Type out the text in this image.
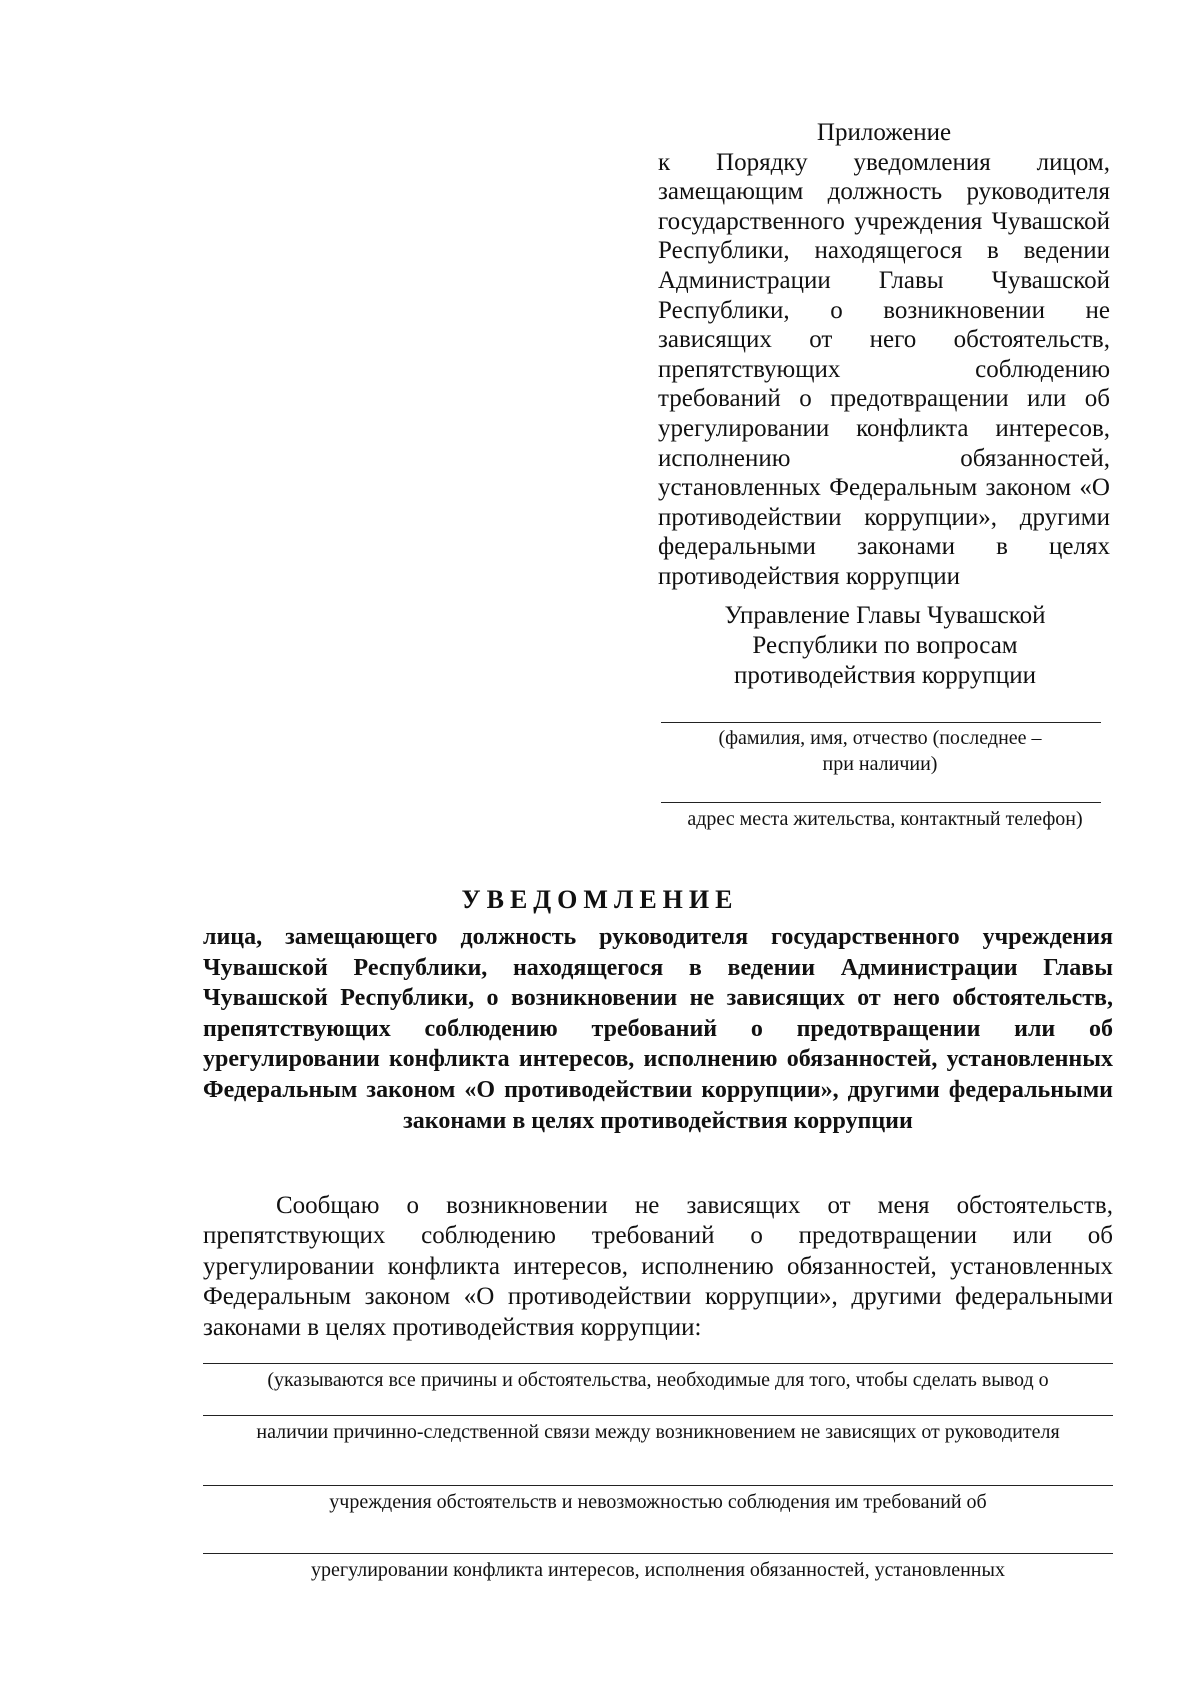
Приложение

к Порядку уведомления лицом, замещающим должность руководителя государственного учреждения Чувашской Республики, находящегося в ведении Администрации Главы Чувашской Республики, о возникновении не зависящих от него обстоятельств, препятствующих соблюдению требований о предотвращении или об урегулировании конфликта интересов, исполнению обязанностей, установленных Федеральным законом «О противодействии коррупции», другими федеральными законами в целях противодействия коррупции

Управление Главы Чувашской
Республики по вопросам
противодействия коррупции
(фамилия, имя, отчество (последнее –
при наличии)
адрес места жительства, контактный телефон)
УВЕДОМЛЕНИЕ
лица, замещающего должность руководителя государственного учреждения Чувашской Республики, находящегося в ведении Администрации Главы Чувашской Республики, о возникновении не зависящих от него обстоятельств, препятствующих соблюдению требований о предотвращении или об урегулировании конфликта интересов, исполнению обязанностей, установленных Федеральным законом «О противодействии коррупции», другими федеральными законами в целях противодействия коррупции

Сообщаю о возникновении не зависящих от меня обстоятельств, препятствующих соблюдению требований о предотвращении или об урегулировании конфликта интересов, исполнению обязанностей, установленных Федеральным законом «О противодействии коррупции», другими федеральными законами в целях противодействия коррупции:

(указываются все причины и обстоятельства, необходимые для того, чтобы сделать вывод о
наличии причинно-следственной связи между возникновением не зависящих от руководителя
учреждения обстоятельств и невозможностью соблюдения им требований об
урегулировании конфликта интересов, исполнения обязанностей, установленных
